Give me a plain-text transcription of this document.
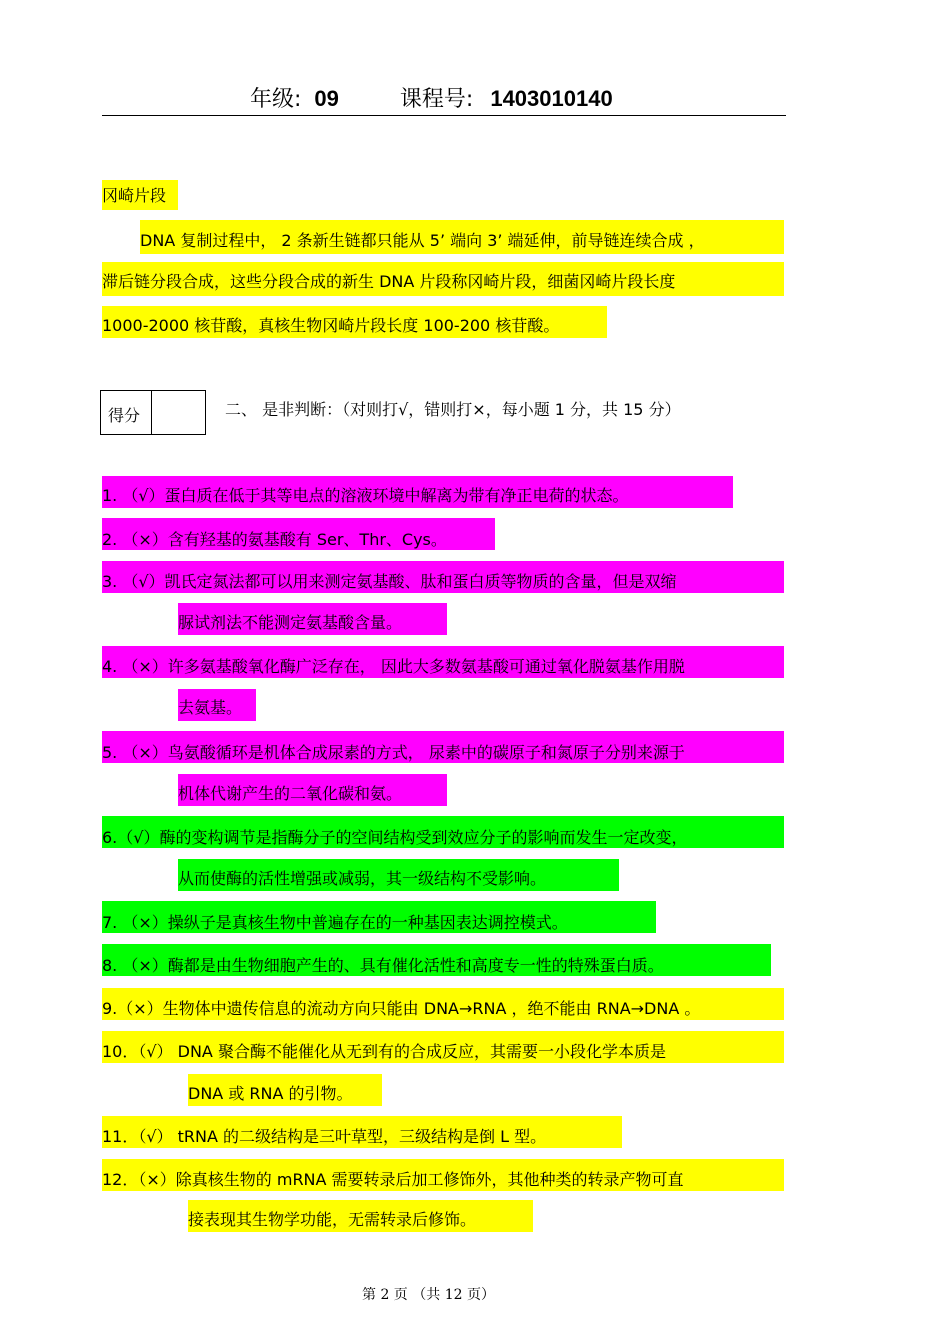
年级: 09	课程号: 1403010140
冈崎片段
DNA 复制过程中， 2 条新生链都只能从 5’ 端向 3’ 端延伸，前导链连续合成 ，
滞后链分段合成，这些分段合成的新生 DNA 片段称冈崎片段，细菌冈崎片段长度
1000-2000 核苷酸，真核生物冈崎片段长度 100-200 核苷酸。
得分	二、 是非判断：（对则打√，错则打×，每小题 1 分，共 15 分）
1. （√）蛋白质在低于其等电点的溶液环境中解离为带有净正电荷的状态。
2. （×）含有羟基的氨基酸有 Ser、Thr、Cys。
3. （√）凯氏定氮法都可以用来测定氨基酸、肽和蛋白质等物质的含量，但是双缩
脲试剂法不能测定氨基酸含量。
4. （×）许多氨基酸氧化酶广泛存在， 因此大多数氨基酸可通过氧化脱氨基作用脱
去氨基。
5. （×）鸟氨酸循环是机体合成尿素的方式， 尿素中的碳原子和氮原子分别来源于
机体代谢产生的二氧化碳和氨。
6.（√）酶的变构调节是指酶分子的空间结构受到效应分子的影响而发生一定改变，
从而使酶的活性增强或减弱，其一级结构不受影响。
7. （×）操纵子是真核生物中普遍存在的一种基因表达调控模式。
8. （×）酶都是由生物细胞产生的、具有催化活性和高度专一性的特殊蛋白质。
9.（×）生物体中遗传信息的流动方向只能由 DNA→RNA ，绝不能由 RNA→DNA 。
10．（√） DNA 聚合酶不能催化从无到有的合成反应，其需要一小段化学本质是
DNA 或 RNA 的引物。
11．（√） tRNA 的二级结构是三叶草型，三级结构是倒 L 型。
12．（×）除真核生物的 mRNA 需要转录后加工修饰外，其他种类的转录产物可直
接表现其生物学功能，无需转录后修饰。
第 2 页 （共 12 页）
